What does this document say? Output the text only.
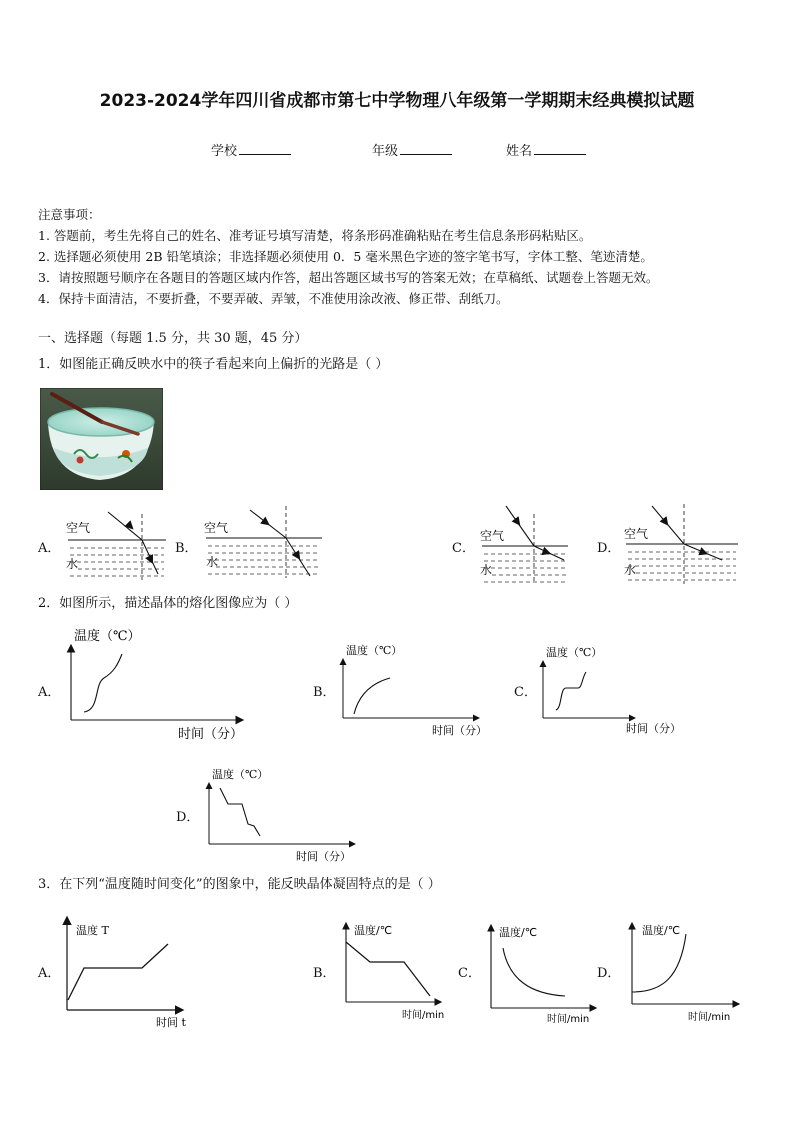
2023-2024学年四川省成都市第七中学物理八年级第一学期期末经典模拟试题
学校	年级	姓名
注意事项：
1. 答题前，考生先将自己的姓名、准考证号填写清楚，将条形码准确粘贴在考生信息条形码粘贴区。
2. 选择题必须使用 2B 铅笔填涂；非选择题必须使用 0．5 毫米黑色字迹的签字笔书写，字体工整、笔迹清楚。
3．请按照题号顺序在各题目的答题区域内作答，超出答题区域书写的答案无效；在草稿纸、试题卷上答题无效。
4．保持卡面清洁，不要折叠，不要弄破、弄皱，不准使用涂改液、修正带、刮纸刀。
一、选择题（每题 1.5 分，共 30 题，45 分）
1．如图能正确反映水中的筷子看起来向上偏折的光路是（ ）
A．	B．	C．	D．
空气
水
空气
水
空气
水
空气
水
2．如图所示，描述晶体的熔化图像应为（ ）
A．	B．	C．
D．
温度（℃）
时间（分）
温度（℃）
时间（分）
温度（℃）
时间（分）
温度（℃）
时间（分）
3．在下列“温度随时间变化”的图象中，能反映晶体凝固特点的是（ ）
A．	B．	C．	D．
温度 T
时间 t
温度/℃
时间/min
温度/℃
时间/min
温度/℃
时间/min
